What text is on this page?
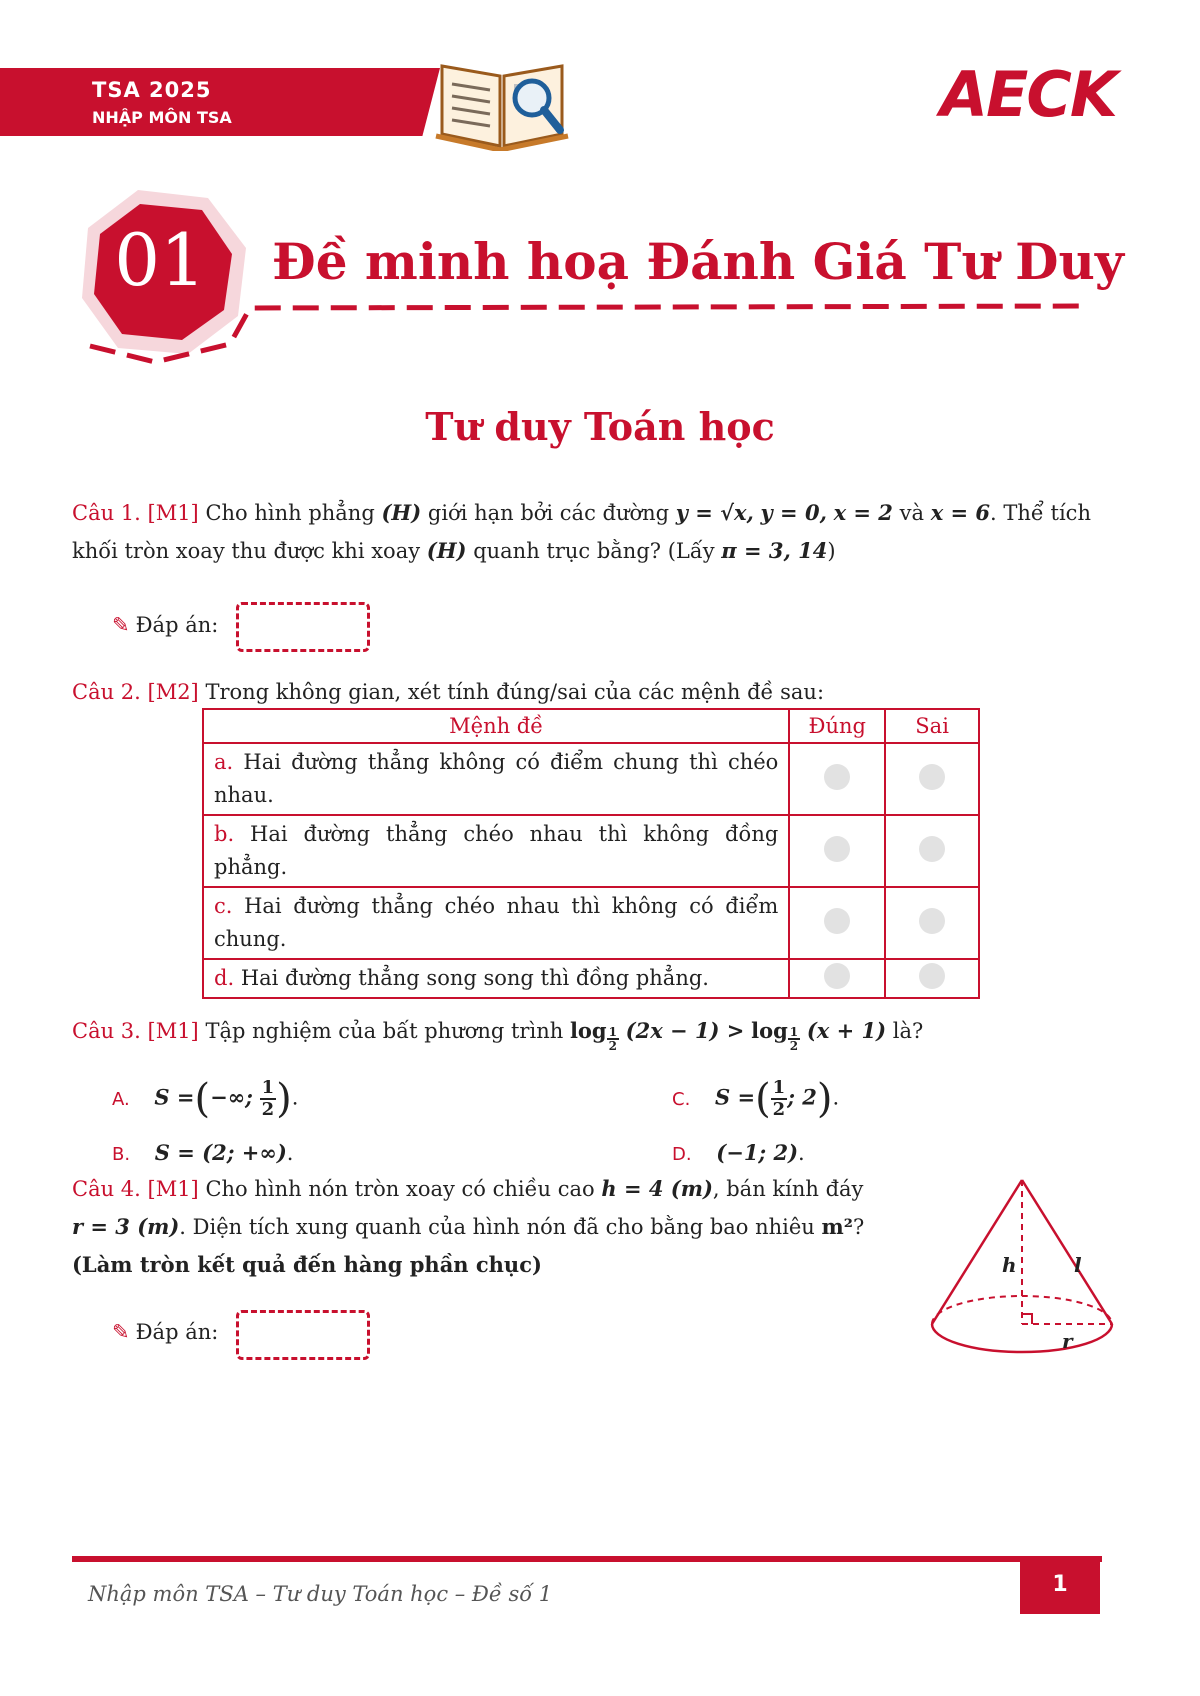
TSA 2025
NHẬP MÔN TSA	AECK
01	Đề minh hoạ Đánh Giá Tư Duy
Tư duy Toán học
Câu 1. [M1] Cho hình phẳng (H) giới hạn bởi các đường y = √x, y = 0, x = 2 và x = 6. Thể tích
khối tròn xoay thu được khi xoay (H) quanh trục bằng? (Lấy π = 3, 14)
✎ Đáp án:
Câu 2. [M2] Trong không gian, xét tính đúng/sai của các mệnh đề sau:
Mệnh đề	Đúng	Sai
a. Hai đường thẳng không có điểm chung thì chéo nhau.		
b. Hai đường thẳng chéo nhau thì không đồng phẳng.		
c. Hai đường thẳng chéo nhau thì không có điểm chung.		
d. Hai đường thẳng song song thì đồng phẳng.		
Câu 3. [M1] Tập nghiệm của bất phương trình $\log \frac{1}{2} (2x - 1) > \log \frac{1}{2} (x + 1)$ là?
A. S =(−∞; $\frac{1}{2}$ ).	C. S =( $\frac{1}{2}$ ; 2).
B. S = (2; +∞).	D. (−1; 2).
Câu 4. [M1] Cho hình nón tròn xoay có chiều cao h = 4 (m), bán kính đáy
r = 3 (m). Diện tích xung quanh của hình nón đã cho bằng bao nhiêu m²?
(Làm tròn kết quả đến hàng phần chục)
✎ Đáp án:
h	l
r
Nhập môn TSA – Tư duy Toán học – Đề số 1	1
